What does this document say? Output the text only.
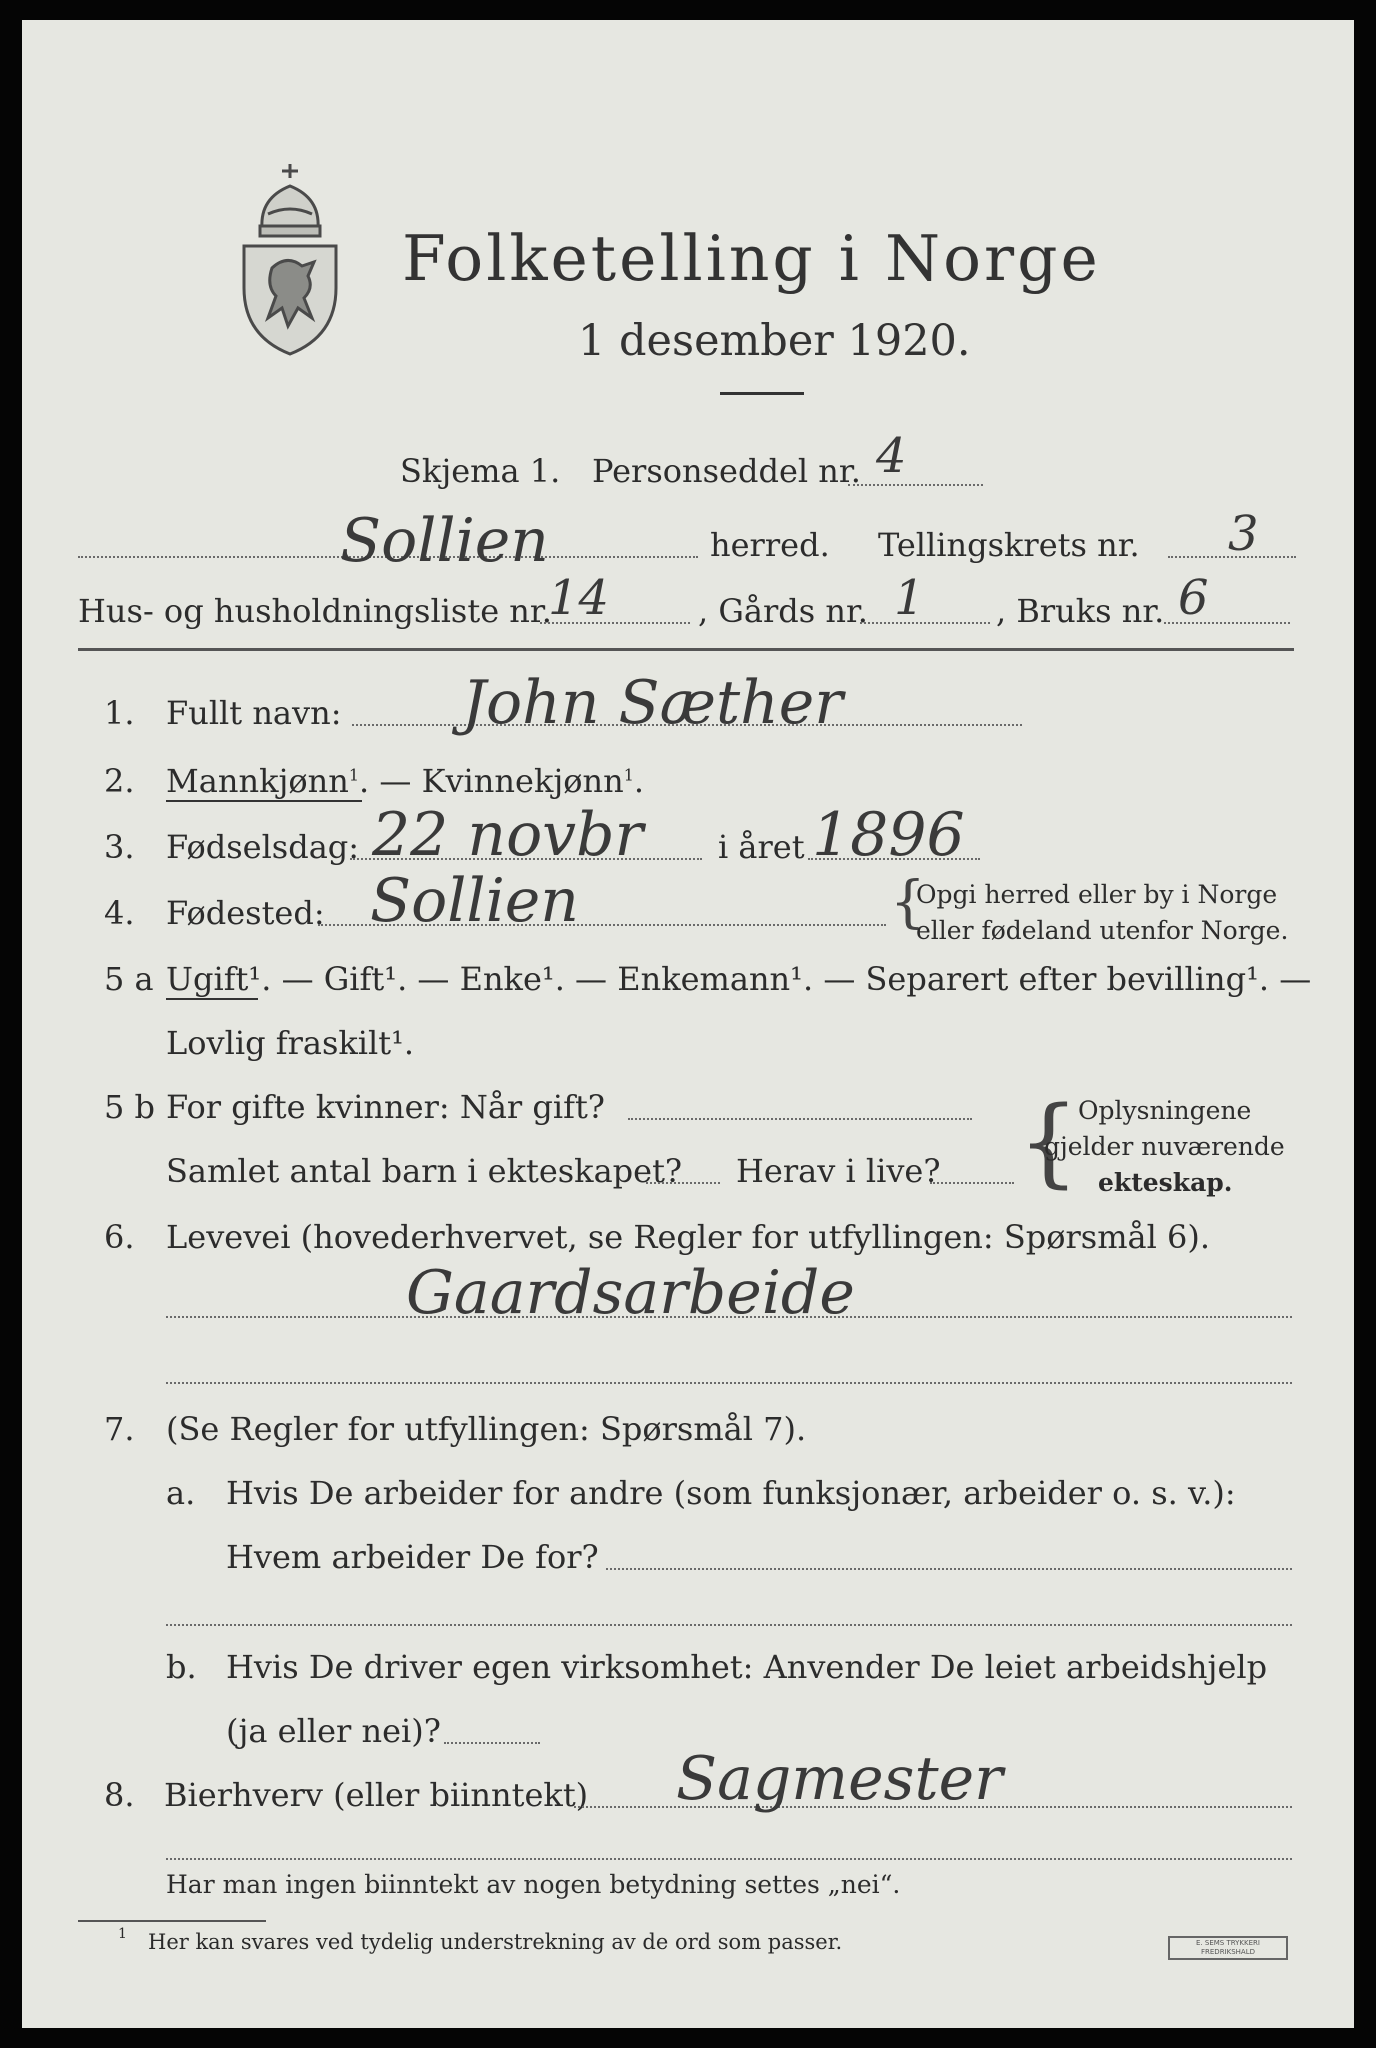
Folketelling i Norge
1 desember 1920.
Skjema 1. Personseddel nr. 4
Sollien	herred. Tellingskrets nr. 3
Hus- og husholdningsliste nr.
14	, Gårds nr. 1 , Bruks nr. 6
1. Fullt navn: John Sæther
2. Mannkjønn$^1$. — Kvinnekjønn$^1$.
3. Fødselsdag: 22 novbr i året 1896
4. Fødested: Sollien	{
Opgi herred eller by i Norge
eller fødeland utenfor Norge.
5 a Ugift¹. — Gift¹. — Enke¹. — Enkemann¹. — Separert efter bevilling¹. —
Lovlig fraskilt¹.
5 b For gifte kvinner: Når gift?
Samlet antal barn i ekteskapet? Herav i live? {
Oplysningene
gjelder nuværende
ekteskap.
6. Levevei (hovederhvervet, se Regler for utfyllingen: Spørsmål 6).
Gaardsarbeide
7. (Se Regler for utfyllingen: Spørsmål 7).
a. Hvis De arbeider for andre (som funksjonær, arbeider o. s. v.):
Hvem arbeider De for?
b. Hvis De driver egen virksomhet: Anvender De leiet arbeidshjelp
(ja eller nei)?
8. Bierhverv (eller biinntekt) Sagmester
Har man ingen biinntekt av nogen betydning settes „nei“.
1 Her kan svares ved tydelig understrekning av de ord som passer.	E. SEMS TRYKKERI
FREDRIKSHALD
